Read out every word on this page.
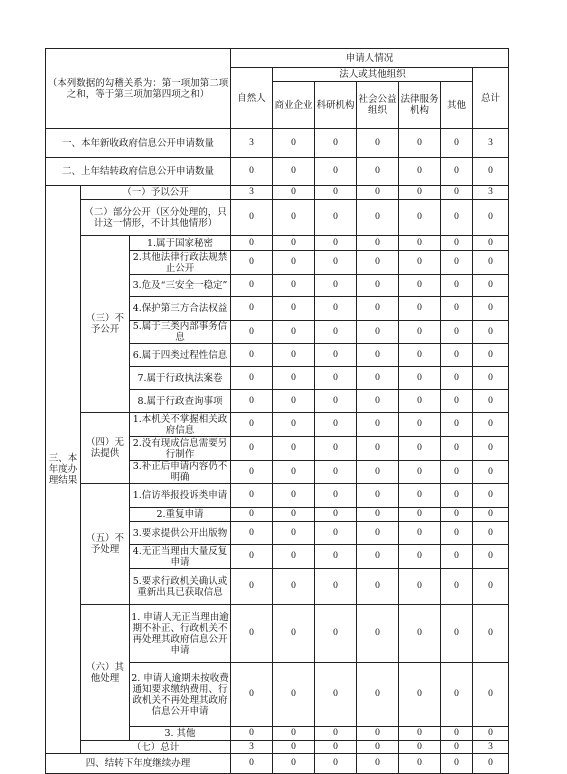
（本列数据的勾稽关系为：第一项加第二项之和，等于第三项加第四项之和）			申请人情况						
			自然人	法人或其他组织					总计
				商业企业	科研机构	社会公益组织	法律服务机构	其他	
一、本年新收政府信息公开申请数量			3	0	0	0	0	0	3
二、上年结转政府信息公开申请数量			0	0	0	0	0	0	0
三、本年度办理结果	（一）予以公开		3	0	0	0	0	0	3
	（二）部分公开（区分处理的，只计这一情形，不计其他情形）		0	0	0	0	0	0	0
	（三）不予公开	1.属于国家秘密	0	0	0	0	0	0	0
		2.其他法律行政法规禁止公开	0	0	0	0	0	0	0
		3.危及“三安全一稳定”	0	0	0	0	0	0	0
		4.保护第三方合法权益	0	0	0	0	0	0	0
		5.属于三类内部事务信息	0	0	0	0	0	0	0
		6.属于四类过程性信息	0	0	0	0	0	0	0
		7.属于行政执法案卷	0	0	0	0	0	0	0
		8.属于行政查询事项	0	0	0	0	0	0	0
	（四）无法提供	1.本机关不掌握相关政府信息	0	0	0	0	0	0	0
		2.没有现成信息需要另行制作	0	0	0	0	0	0	0
		3.补正后申请内容仍不明确	0	0	0	0	0	0	0
	（五）不予处理	1.信访举报投诉类申请	0	0	0	0	0	0	0
		2.重复申请	0	0	0	0	0	0	0
		3.要求提供公开出版物	0	0	0	0	0	0	0
		4.无正当理由大量反复申请	0	0	0	0	0	0	0
		5.要求行政机关确认或重新出具已获取信息	0	0	0	0	0	0	0
	（六）其他处理	1. 申请人无正当理由逾期不补正、行政机关不再处理其政府信息公开申请	0	0	0	0	0	0	0
		2. 申请人逾期未按收费通知要求缴纳费用、行政机关不再处理其政府信息公开申请	0	0	0	0	0	0	0
		3. 其他	0	0	0	0	0	0	0
	（七）总计		3	0	0	0	0	0	3
四、结转下年度继续办理			0	0	0	0	0	0	0
